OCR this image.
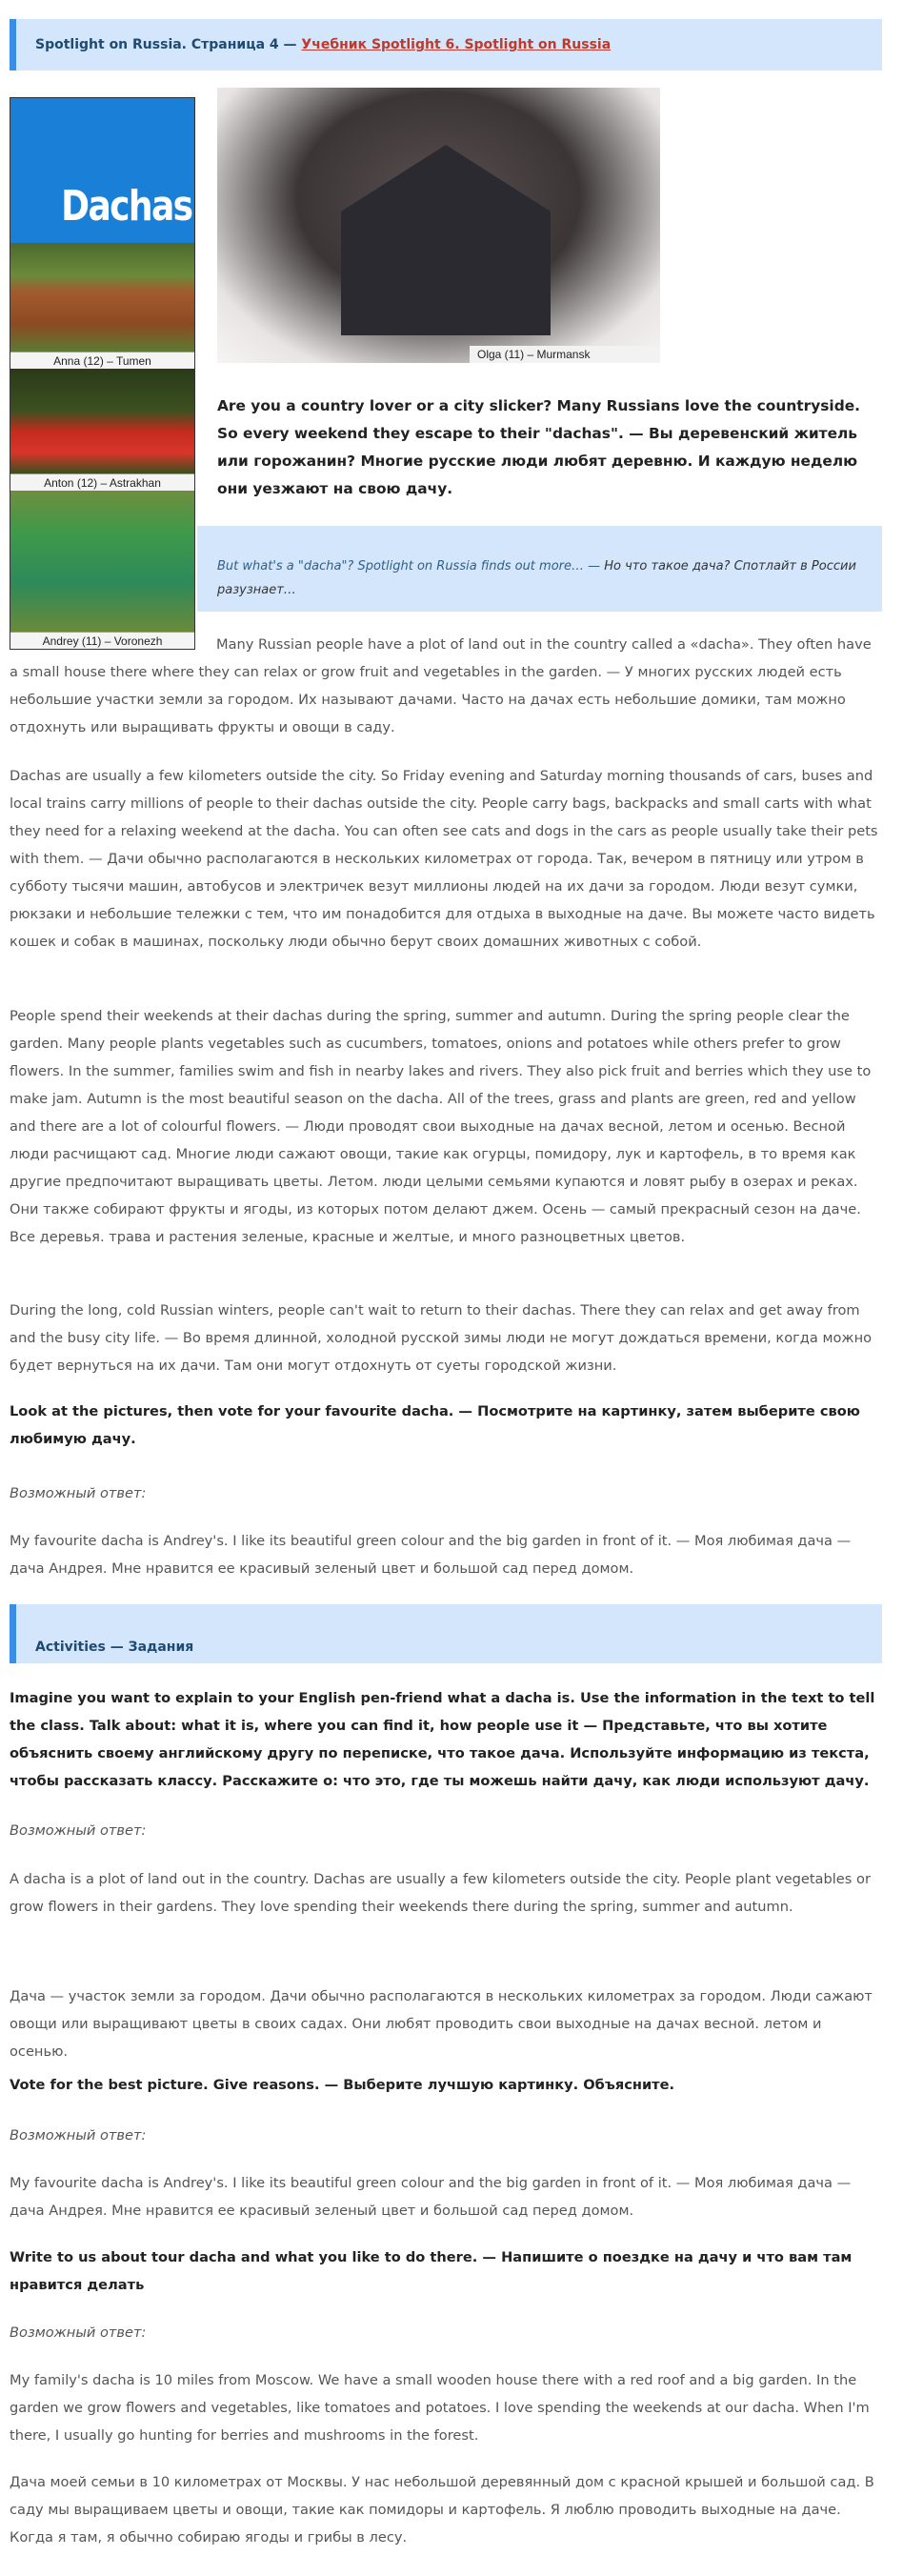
Spotlight on Russia. Страница 4 — Учебник Spotlight 6. Spotlight on Russia
Dachas
Anna (12) – Tumen
Anton (12) – Astrakhan
Andrey (11) – Voronezh
Olga (11) – Murmansk
Are you a country lover or a city slicker? Many Russians love the countryside. So every weekend they escape to their "dachas". — Вы деревенский житель или горожанин? Многие русские люди любят деревню. И каждую неделю они уезжают на свою дачу.
But what's a "dacha"? Spotlight on Russia finds out more… — Но что такое дача? Спотлайт в России разузнает…

Many Russian people have a plot of land out in the country called a «dacha». They often have a small house there where they can relax or grow fruit and vegetables in the garden. — У многих русских людей есть небольшие участки земли за городом. Их называют дачами. Часто на дачах есть небольшие домики, там можно отдохнуть или выращивать фрукты и овощи в саду.

Dachas are usually a few kilometers outside the city. So Friday evening and Saturday morning thousands of cars, buses and local trains carry millions of people to their dachas outside the city. People carry bags, backpacks and small carts with what they need for a relaxing weekend at the dacha. You can often see cats and dogs in the cars as people usually take their pets with them. — Дачи обычно располагаются в нескольких километрах от города. Так, вечером в пятницу или утром в субботу тысячи машин, автобусов и электричек везут миллионы людей на их дачи за городом. Люди везут сумки, рюкзаки и небольшие тележки с тем, что им понадобится для отдыха в выходные на даче. Вы можете часто видеть кошек и собак в машинах, поскольку люди обычно берут своих домашних животных с собой.

People spend their weekends at their dachas during the spring, summer and autumn. During the spring people clear the garden. Many people plants vegetables such as cucumbers, tomatoes, onions and potatoes while others prefer to grow flowers. In the summer, families swim and fish in nearby lakes and rivers. They also pick fruit and berries which they use to make jam. Autumn is the most beautiful season on the dacha. All of the trees, grass and plants are green, red and yellow and there are a lot of colourful flowers. — Люди проводят свои выходные на дачах весной, летом и осенью. Весной люди расчищают сад. Многие люди сажают овощи, такие как огурцы, помидору, лук и картофель, в то время как другие предпочитают выращивать цветы. Летом. люди целыми семьями купаются и ловят рыбу в озерах и реках. Они также собирают фрукты и ягоды, из которых потом делают джем. Осень — самый прекрасный сезон на даче. Все деревья. трава и растения зеленые, красные и желтые, и много разноцветных цветов.

During the long, cold Russian winters, people can't wait to return to their dachas. There they can relax and get away from and the busy city life. — Во время длинной, холодной русской зимы люди не могут дождаться времени, когда можно будет вернуться на их дачи. Там они могут отдохнуть от суеты городской жизни.

Look at the pictures, then vote for your favourite dacha. — Посмотрите на картинку, затем выберите свою любимую дачу.

Возможный ответ:

My favourite dacha is Andrey's. I like its beautiful green colour and the big garden in front of it. — Моя любимая дача — дача Андрея. Мне нравится ее красивый зеленый цвет и большой сад перед домом.

Activities — Задания

Imagine you want to explain to your English pen-friend what a dacha is. Use the information in the text to tell the class. Talk about: what it is, where you can find it, how people use it — Представьте, что вы хотите объяснить своему английскому другу по переписке, что такое дача. Используйте информацию из текста, чтобы рассказать классу. Расскажите о: что это, где ты можешь найти дачу, как люди используют дачу.

Возможный ответ:

A dacha is a plot of land out in the country. Dachas are usually a few kilometers outside the city. People plant vegetables or grow flowers in their gardens. They love spending their weekends there during the spring, summer and autumn.

Дача — участок земли за городом. Дачи обычно располагаются в нескольких километрах за городом. Люди сажают овощи или выращивают цветы в своих садах. Они любят проводить свои выходные на дачах весной. летом и осенью.

Vote for the best picture. Give reasons. — Выберите лучшую картинку. Объясните.

Возможный ответ:

My favourite dacha is Andrey's. I like its beautiful green colour and the big garden in front of it. — Моя любимая дача — дача Андрея. Мне нравится ее красивый зеленый цвет и большой сад перед домом.

Write to us about tour dacha and what you like to do there. — Напишите о поездке на дачу и что вам там нравится делать

Возможный ответ:

My family's dacha is 10 miles from Moscow. We have a small wooden house there with a red roof and a big garden. In the garden we grow flowers and vegetables, like tomatoes and potatoes. I love spending the weekends at our dacha. When I'm there, I usually go hunting for berries and mushrooms in the forest.

Дача моей семьи в 10 километрах от Москвы. У нас небольшой деревянный дом с красной крышей и большой сад. В саду мы выращиваем цветы и овощи, такие как помидоры и картофель. Я люблю проводить выходные на даче. Когда я там, я обычно собираю ягоды и грибы в лесу.
